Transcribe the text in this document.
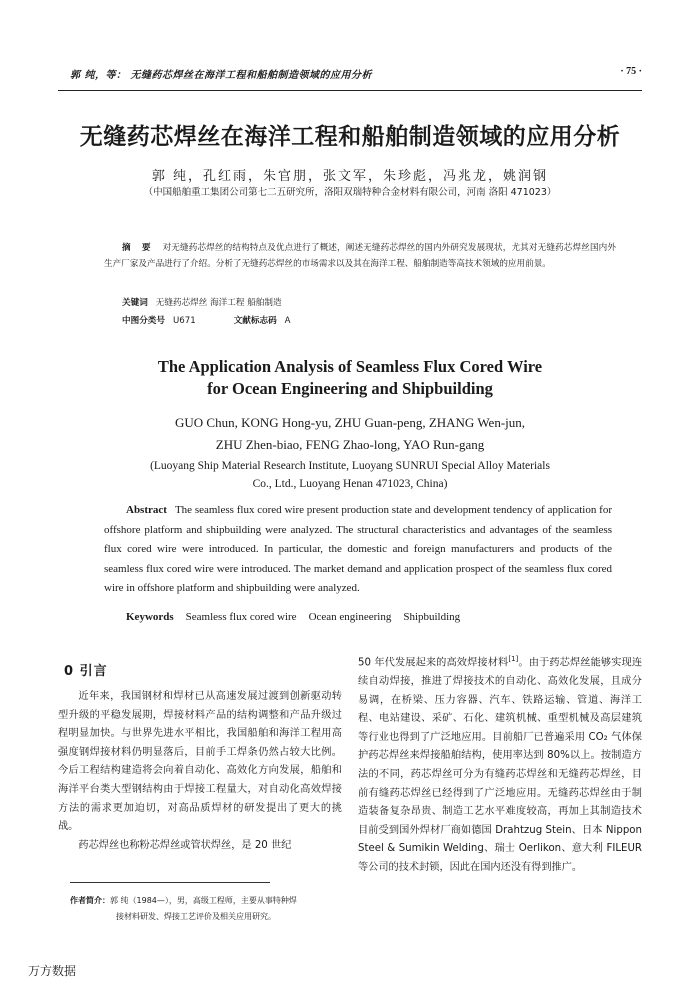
郭 纯，等： 无缝药芯焊丝在海洋工程和船舶制造领域的应用分析	· 75 ·
无缝药芯焊丝在海洋工程和船舶制造领域的应用分析
郭 纯，孔红雨，朱官朋，张文军，朱珍彪，冯兆龙，姚润钢
（中国船舶重工集团公司第七二五研究所，洛阳双瑞特种合金材料有限公司，河南 洛阳 471023）
摘 要 对无缝药芯焊丝的结构特点及优点进行了概述，阐述无缝药芯焊丝的国内外研究发展现状，尤其对无缝药芯焊丝国内外生产厂家及产品进行了介绍。分析了无缝药芯焊丝的市场需求以及其在海洋工程、船舶制造等高技术领域的应用前景。
关键词 无缝药芯焊丝 海洋工程 船舶制造
中图分类号 U671	文献标志码 A
The Application Analysis of Seamless Flux Cored Wire
for Ocean Engineering and Shipbuilding
GUO Chun, KONG Hong-yu, ZHU Guan-peng, ZHANG Wen-jun,
ZHU Zhen-biao, FENG Zhao-long, YAO Run-gang
(Luoyang Ship Material Research Institute, Luoyang SUNRUI Special Alloy Materials
Co., Ltd., Luoyang Henan 471023, China)
Abstract The seamless flux cored wire present production state and development tendency of application for offshore platform and shipbuilding were analyzed. The structural characteristics and advantages of the seamless flux cored wire were introduced. In particular, the domestic and foreign manufacturers and products of the seamless flux cored wire were introduced. The market demand and application prospect of the seamless flux cored wire in offshore platform and shipbuilding were analyzed.
Keywords Seamless flux cored wire Ocean engineering Shipbuilding
0 引言

近年来，我国钢材和焊材已从高速发展过渡到创新驱动转型升级的平稳发展期，焊接材料产品的结构调整和产品升级过程明显加快。与世界先进水平相比，我国船舶和海洋工程用高强度钢焊接材料仍明显落后，目前手工焊条仍然占较大比例。今后工程结构建造将会向着自动化、高效化方向发展，船舶和海洋平台类大型钢结构由于焊接工程量大，对自动化高效焊接方法的需求更加迫切，对高品质焊材的研发提出了更大的挑战。

药芯焊丝也称粉芯焊丝或管状焊丝，是 20 世纪

50 年代发展起来的高效焊接材料[1]。由于药芯焊丝能够实现连续自动焊接，推进了焊接技术的自动化、高效化发展，且成分易调，在桥梁、压力容器、汽车、铁路运输、管道、海洋工程、电站建设、采矿、石化、建筑机械、重型机械及高层建筑等行业也得到了广泛地应用。目前船厂已普遍采用 CO₂ 气体保护药芯焊丝来焊接船舶结构，使用率达到 80%以上。按制造方法的不同，药芯焊丝可分为有缝药芯焊丝和无缝药芯焊丝，目前有缝药芯焊丝已经得到了广泛地应用。无缝药芯焊丝由于制造装备复杂昂贵、制造工艺水平难度较高，再加上其制造技术目前受到国外焊材厂商如德国 Drahtzug Stein、日本 Nippon Steel & Sumikin Welding、瑞士 Oerlikon、意大利 FILEUR 等公司的技术封锁，因此在国内还没有得到推广。

作者简介：郭 纯（1984—），男，高级工程师，主要从事特种焊
接材料研发、焊接工艺评价及相关应用研究。
万方数据
